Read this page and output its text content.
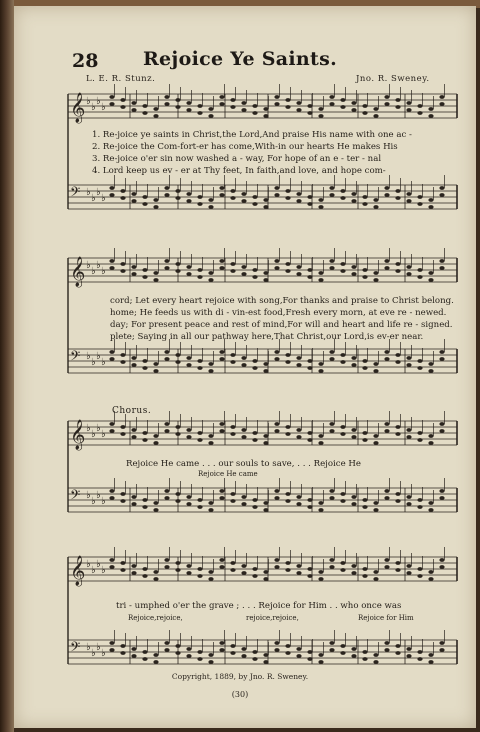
28	Rejoice Ye Saints.
L. E. R. Stunz.	Jno. R. Sweney.
𝄞 ♭
♭
♭
♭
𝄢 ♭
♭
♭
♭
𝄞 ♭
♭
♭
♭
𝄢 ♭
♭
♭
♭
𝄞 ♭
♭
♭
♭
𝄢 ♭
♭
♭
♭
𝄞 ♭
♭
♭
♭
𝄢 ♭
♭
♭
♭
1. Re-joice ye saints in Christ,the Lord,And praise His name with one ac -
2. Re-joice the Com-fort-er has come,With-in our hearts He makes His
3. Re-joice o'er sin now washed a - way, For hope of an e - ter - nal
4. Lord keep us ev - er at Thy feet, In faith,and love, and hope com-
cord; Let every heart rejoice with song,For thanks and praise to Christ belong.
home; He feeds us with di - vin-est food,Fresh every morn, at eve re - newed.
day; For present peace and rest of mind,For will and heart and life re - signed.
plete; Saying in all our pathway here,That Christ,our Lord,is ev-er near.
Chorus.
Rejoice He came . . . our souls to save, . . . Rejoice He
Rejoice He came
tri - umphed o'er the grave ; . . . Rejoice for Him . . who once was
Rejoice,rejoice,	rejoice,rejoice,	Rejoice for Him
Copyright, 1889, by Jno. R. Sweney.
(30)
